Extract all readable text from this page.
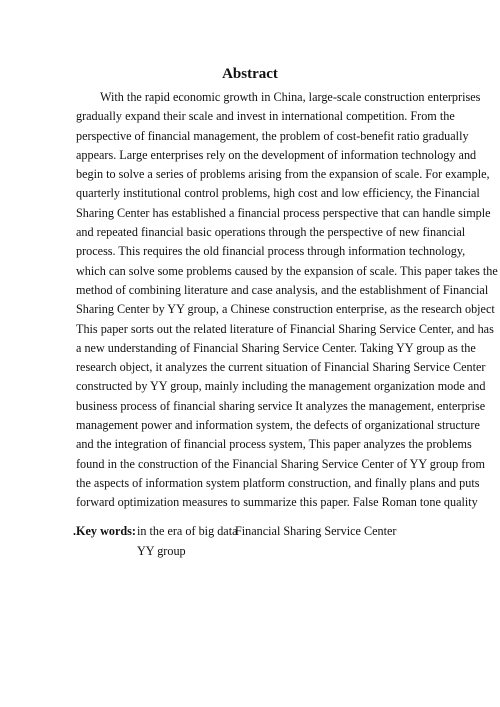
Abstract
With the rapid economic growth in China, large-scale construction enterprises
gradually expand their scale and invest in international competition. From the
perspective of financial management, the problem of cost-benefit ratio gradually
appears. Large enterprises rely on the development of information technology and
begin to solve a series of problems arising from the expansion of scale. For example,
quarterly institutional control problems, high cost and low efficiency, the Financial
Sharing Center has established a financial process perspective that can handle simple
and repeated financial basic operations through the perspective of new financial
process. This requires the old financial process through information technology,
which can solve some problems caused by the expansion of scale. This paper takes the
method of combining literature and case analysis, and the establishment of Financial
Sharing Center by YY group, a Chinese construction enterprise, as the research object
This paper sorts out the related literature of Financial Sharing Service Center, and has
a new understanding of Financial Sharing Service Center. Taking YY group as the
research object, it analyzes the current situation of Financial Sharing Service Center
constructed by YY group, mainly including the management organization mode and
business process of financial sharing service It analyzes the management, enterprise
management power and information system, the defects of organizational structure
and the integration of financial process system, This paper analyzes the problems
found in the construction of the Financial Sharing Service Center of YY group from
the aspects of information system platform construction, and finally plans and puts
forward optimization measures to summarize this paper. False Roman tone quality
.Key words: in the era of big data
Financial Sharing Service Center
YY group
